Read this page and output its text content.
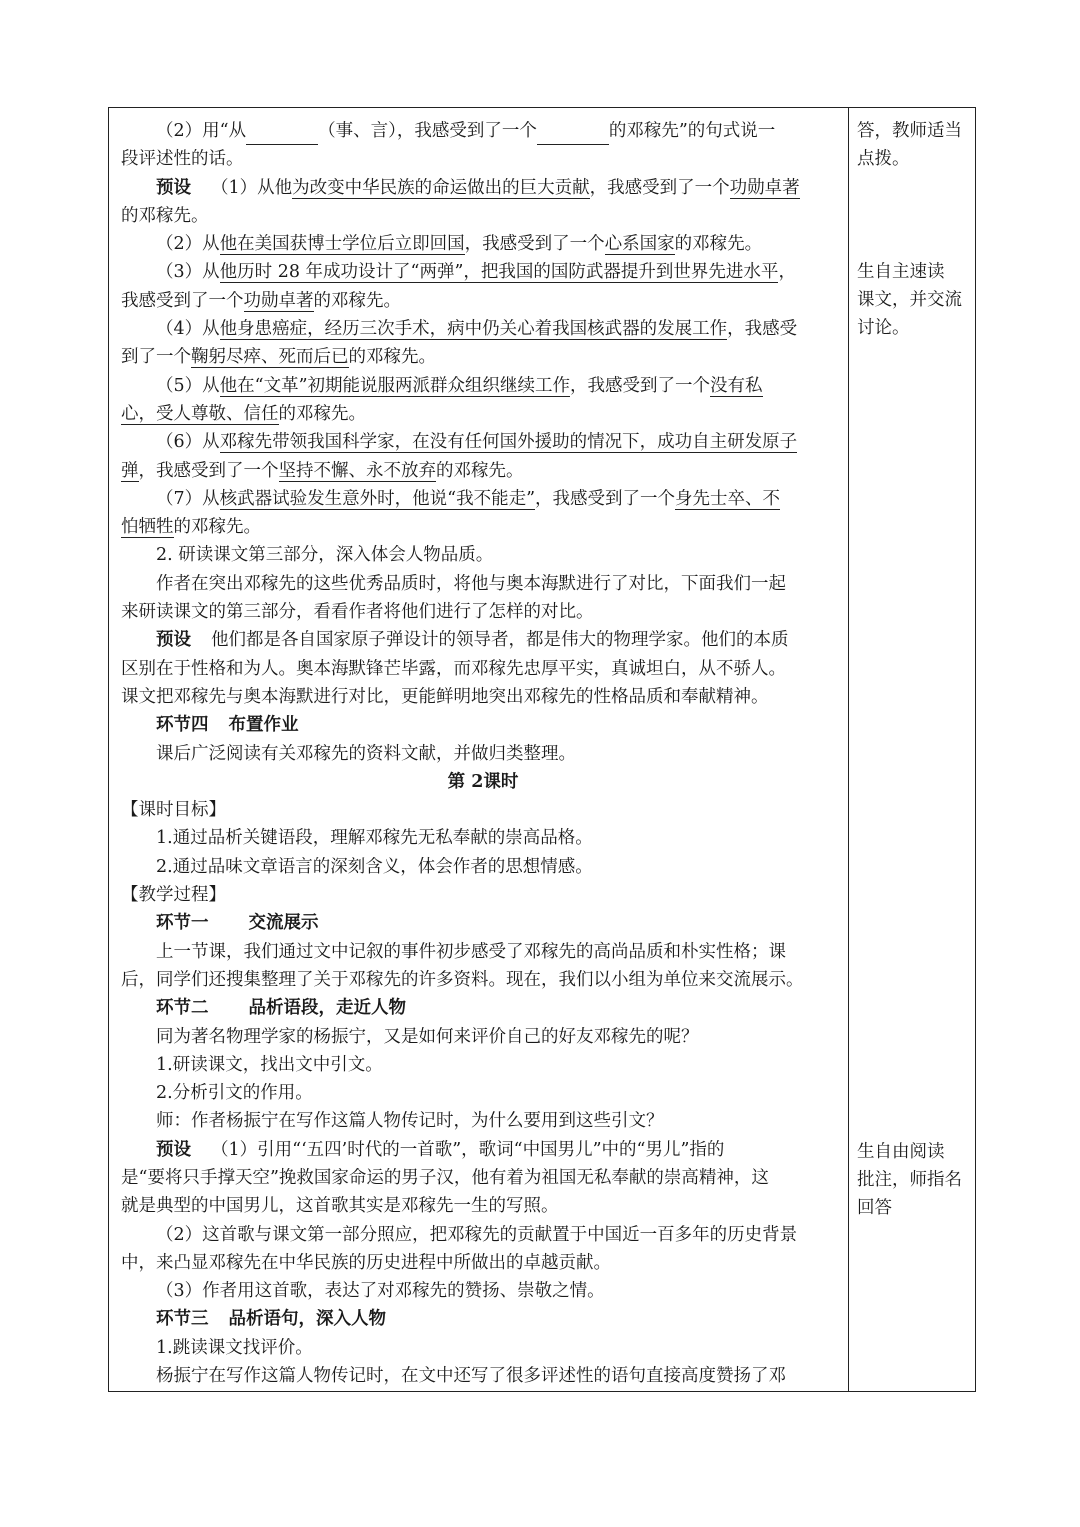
（2）用“从	（事、言），我感受到了一个	的邓稼先”的句式说一
段评述性的话。
预设 （1）从他为改变中华民族的命运做出的巨大贡献，我感受到了一个功勋卓著
的邓稼先。
（2）从他在美国获博士学位后立即回国，我感受到了一个心系国家的邓稼先。
（3）从他历时 28 年成功设计了“两弹”，把我国的国防武器提升到世界先进水平，
我感受到了一个功勋卓著的邓稼先。
（4）从他身患癌症，经历三次手术，病中仍关心着我国核武器的发展工作，我感受
到了一个鞠躬尽瘁、死而后已的邓稼先。
（5）从他在“文革”初期能说服两派群众组织继续工作，我感受到了一个没有私
心，受人尊敬、信任的邓稼先。
（6）从邓稼先带领我国科学家，在没有任何国外援助的情况下，成功自主研发原子
弹，我感受到了一个坚持不懈、永不放弃的邓稼先。
（7）从核武器试验发生意外时，他说“我不能走”，我感受到了一个身先士卒、不
怕牺牲的邓稼先。
2. 研读课文第三部分，深入体会人物品质。
作者在突出邓稼先的这些优秀品质时，将他与奥本海默进行了对比，下面我们一起
来研读课文的第三部分，看看作者将他们进行了怎样的对比。
预设 他们都是各自国家原子弹设计的领导者，都是伟大的物理学家。他们的本质
区别在于性格和为人。奥本海默锋芒毕露，而邓稼先忠厚平实，真诚坦白，从不骄人。
课文把邓稼先与奥本海默进行对比，更能鲜明地突出邓稼先的性格品质和奉献精神。
环节四 布置作业
课后广泛阅读有关邓稼先的资料文献，并做归类整理。
第 2课时
【课时目标】
1.通过品析关键语段，理解邓稼先无私奉献的崇高品格。
2.通过品味文章语言的深刻含义，体会作者的思想情感。
【教学过程】
环节一 交流展示
上一节课，我们通过文中记叙的事件初步感受了邓稼先的高尚品质和朴实性格；课
后，同学们还搜集整理了关于邓稼先的许多资料。现在，我们以小组为单位来交流展示。
环节二 品析语段，走近人物
同为著名物理学家的杨振宁，又是如何来评价自己的好友邓稼先的呢？
1.研读课文，找出文中引文。
2.分析引文的作用。
师：作者杨振宁在写作这篇人物传记时，为什么要用到这些引文？
预设 （1）引用“‘五四’时代的一首歌”，歌词“中国男儿”中的“男儿”指的
是“要将只手撑天空”挽救国家命运的男子汉，他有着为祖国无私奉献的崇高精神，这
就是典型的中国男儿，这首歌其实是邓稼先一生的写照。
（2）这首歌与课文第一部分照应，把邓稼先的贡献置于中国近一百多年的历史背景
中，来凸显邓稼先在中华民族的历史进程中所做出的卓越贡献。
（3）作者用这首歌，表达了对邓稼先的赞扬、崇敬之情。
环节三 品析语句，深入人物
1.跳读课文找评价。
杨振宁在写作这篇人物传记时，在文中还写了很多评述性的语句直接高度赞扬了邓
答，教师适当
点拨。
生自主速读
课文，并交流
讨论。
生自由阅读
批注，师指名
回答
